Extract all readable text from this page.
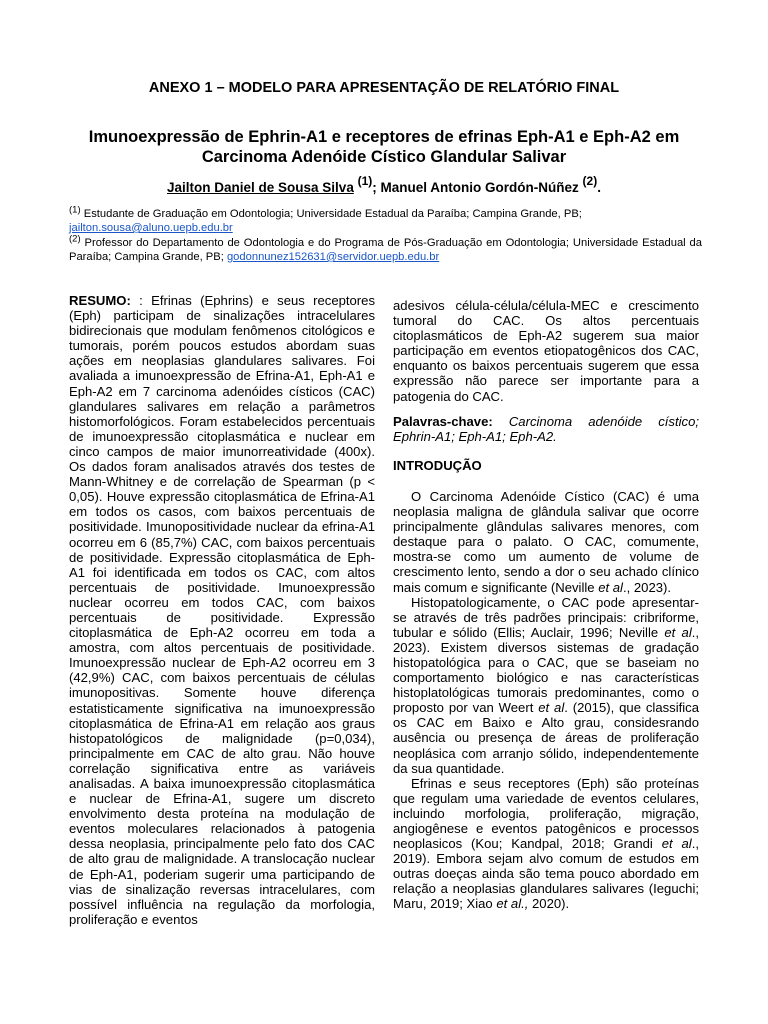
ANEXO 1 – MODELO PARA APRESENTAÇÃO DE RELATÓRIO FINAL
Imunoexpressão de Ephrin-A1 e receptores de efrinas Eph-A1 e Eph-A2 em Carcinoma Adenóide Cístico Glandular Salivar
Jailton Daniel de Sousa Silva $^{(1)}$; Manuel Antonio Gordón-Núñez $^{(2)}$.
$^{(1)}$ Estudante de Graduação em Odontologia; Universidade Estadual da Paraíba; Campina Grande, PB;
jailton.sousa@aluno.uepb.edu.br
$^{(2)}$ Professor do Departamento de Odontologia e do Programa de Pós-Graduação em Odontologia; Universidade Estadual da Paraíba; Campina Grande, PB; godonnunez152631@servidor.uepb.edu.br

RESUMO: : Efrinas (Ephrins) e seus receptores (Eph) participam de sinalizações intracelulares bidirecionais que modulam fenômenos citológicos e tumorais, porém poucos estudos abordam suas ações em neoplasias glandulares salivares. Foi avaliada a imunoexpressão de Efrina-A1, Eph-A1 e Eph-A2 em 7 carcinoma adenóides císticos (CAC) glandulares salivares em relação a parâmetros histomorfológicos. Foram estabelecidos percentuais de imunoexpressão citoplasmática e nuclear em cinco campos de maior imunorreatividade (400x). Os dados foram analisados através dos testes de Mann-Whitney e de correlação de Spearman (p < 0,05). Houve expressão citoplasmática de Efrina-A1 em todos os casos, com baixos percentuais de positividade. Imunopositividade nuclear da efrina-A1 ocorreu em 6 (85,7%) CAC, com baixos percentuais de positividade. Expressão citoplasmática de Eph-A1 foi identificada em todos os CAC, com altos percentuais de positividade. Imunoexpressão nuclear ocorreu em todos CAC, com baixos percentuais de positividade. Expressão citoplasmática de Eph-A2 ocorreu em toda a amostra, com altos percentuais de positividade. Imunoexpressão nuclear de Eph-A2 ocorreu em 3 (42,9%) CAC, com baixos percentuais de células imunopositivas. Somente houve diferença estatisticamente significativa na imunoexpressão citoplasmática de Efrina-A1 em relação aos graus histopatológicos de malignidade (p=0,034), principalmente em CAC de alto grau. Não houve correlação significativa entre as variáveis analisadas. A baixa imunoexpressão citoplasmática e nuclear de Efrina-A1, sugere um discreto envolvimento desta proteína na modulação de eventos moleculares relacionados à patogenia dessa neoplasia, principalmente pelo fato dos CAC de alto grau de malignidade. A translocação nuclear de Eph-A1, poderiam sugerir uma participando de vias de sinalização reversas intracelulares, com possível influência na regulação da morfologia, proliferação e eventos

adesivos célula-célula/célula-MEC e crescimento tumoral do CAC. Os altos percentuais citoplasmáticos de Eph-A2 sugerem sua maior participação em eventos etiopatogênicos dos CAC, enquanto os baixos percentuais sugerem que essa expressão não parece ser importante para a patogenia do CAC.

Palavras-chave: Carcinoma adenóide cístico; Ephrin-A1; Eph-A1; Eph-A2.

INTRODUÇÃO

O Carcinoma Adenóide Cístico (CAC) é uma neoplasia maligna de glândula salivar que ocorre principalmente glândulas salivares menores, com destaque para o palato. O CAC, comumente, mostra-se como um aumento de volume de crescimento lento, sendo a dor o seu achado clínico mais comum e significante (Neville et al., 2023).

Histopatologicamente, o CAC pode apresentar-se através de três padrões principais: cribriforme, tubular e sólido (Ellis; Auclair, 1996; Neville et al., 2023). Existem diversos sistemas de gradação histopatológica para o CAC, que se baseiam no comportamento biológico e nas características histoplatológicas tumorais predominantes, como o proposto por van Weert et al. (2015), que classifica os CAC em Baixo e Alto grau, considesrando ausência ou presença de áreas de proliferação neoplásica com arranjo sólido, independentemente da sua quantidade.

Efrinas e seus receptores (Eph) são proteínas que regulam uma variedade de eventos celulares, incluindo morfologia, proliferação, migração, angiogênese e eventos patogênicos e processos neoplasicos (Kou; Kandpal, 2018; Grandi et al., 2019). Embora sejam alvo comum de estudos em outras doeças ainda são tema pouco abordado em relação a neoplasias glandulares salivares (Ieguchi; Maru, 2019; Xiao et al., 2020).
